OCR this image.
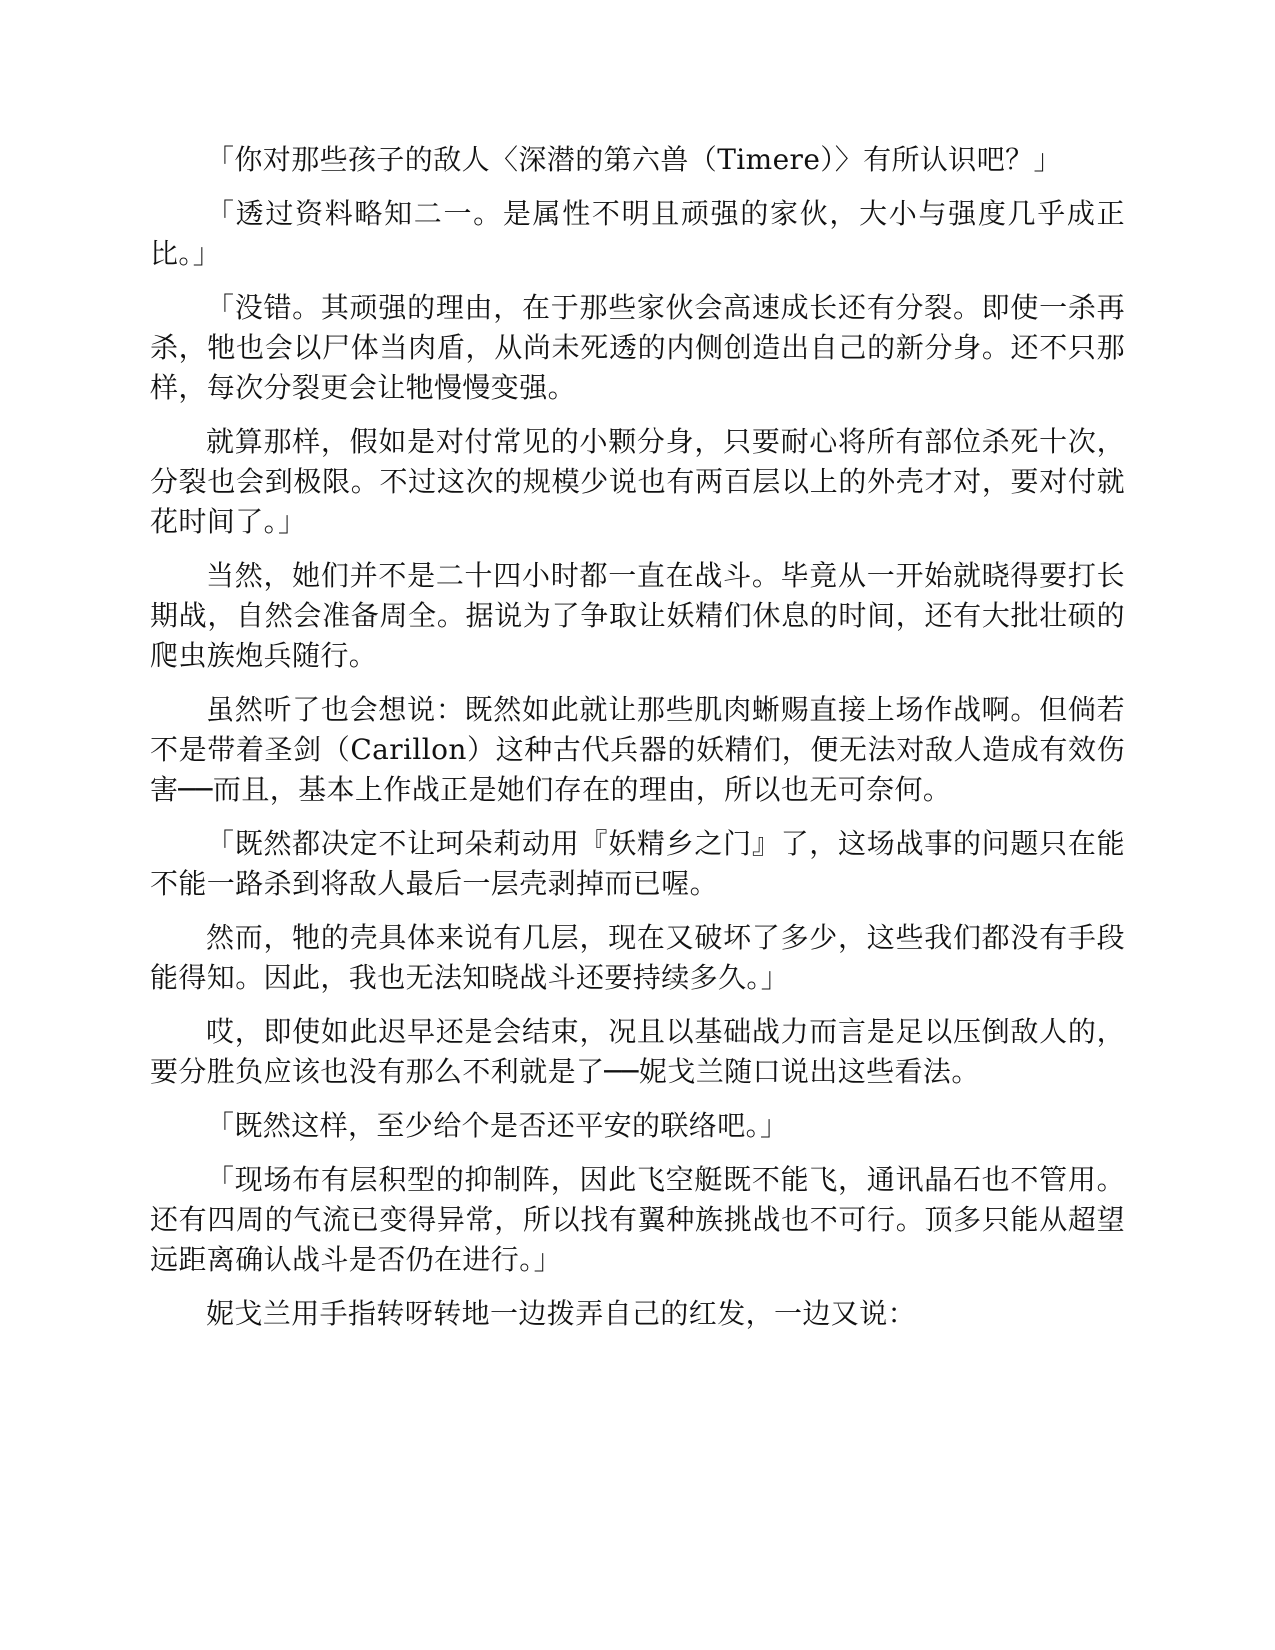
「你对那些孩子的敌人〈深潜的第六兽（Timere）〉有所认识吧？」

「透过资料略知二一。是属性不明且顽强的家伙，大小与强度几乎成正比。」

「没错。其顽强的理由，在于那些家伙会高速成长还有分裂。即使一杀再杀，牠也会以尸体当肉盾，从尚未死透的内侧创造出自己的新分身。还不只那样，每次分裂更会让牠慢慢变强。

就算那样，假如是对付常见的小颗分身，只要耐心将所有部位杀死十次，分裂也会到极限。不过这次的规模少说也有两百层以上的外壳才对，要对付就花时间了。」

当然，她们并不是二十四小时都一直在战斗。毕竟从一开始就晓得要打长期战，自然会准备周全。据说为了争取让妖精们休息的时间，还有大批壮硕的爬虫族炮兵随行。

虽然听了也会想说：既然如此就让那些肌肉蜥赐直接上场作战啊。但倘若不是带着圣剑（Carillon）这种古代兵器的妖精们，便无法对敌人造成有效伤害──而且，基本上作战正是她们存在的理由，所以也无可奈何。

「既然都决定不让珂朵莉动用『妖精乡之门』了，这场战事的问题只在能不能一路杀到将敌人最后一层壳剥掉而已喔。

然而，牠的壳具体来说有几层，现在又破坏了多少，这些我们都没有手段能得知。因此，我也无法知晓战斗还要持续多久。」

哎，即使如此迟早还是会结束，况且以基础战力而言是足以压倒敌人的，要分胜负应该也没有那么不利就是了──妮戈兰随口说出这些看法。

「既然这样，至少给个是否还平安的联络吧。」

「现场布有层积型的抑制阵，因此飞空艇既不能飞，通讯晶石也不管用。还有四周的气流已变得异常，所以找有翼种族挑战也不可行。顶多只能从超望远距离确认战斗是否仍在进行。」

妮戈兰用手指转呀转地一边拨弄自己的红发，一边又说：
